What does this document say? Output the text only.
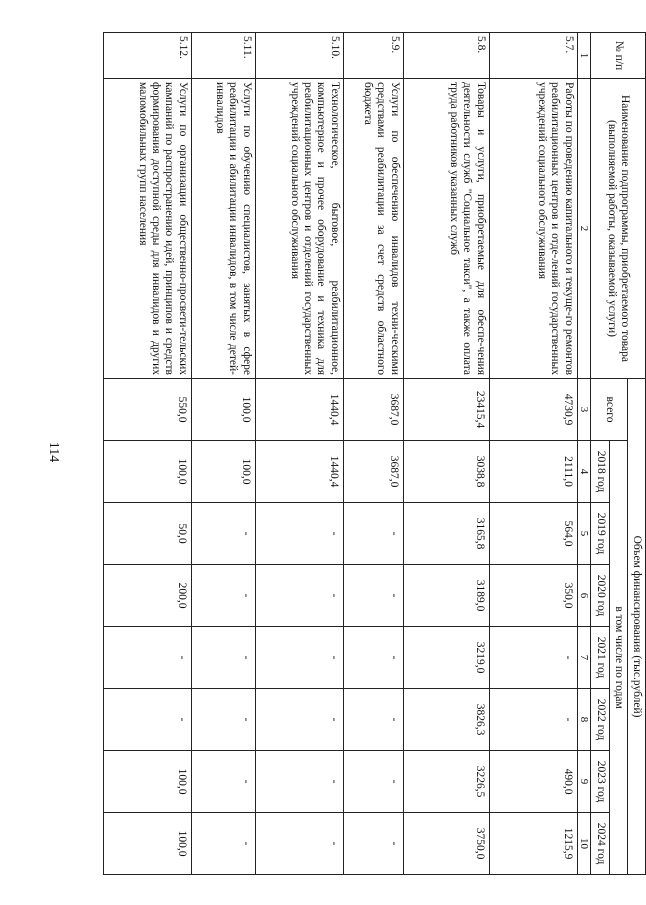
114
№ п/п	Наименование подпрограммы, приобретаемого товара (выполняемой работы, оказываемой услуги)	Объем финансирования (тыс.рублей)							
		всего	в том числе по годам						
			2018 год	2019 год	2020 год	2021 год	2022 год	2023 год	2024 год
1	2	3	4	5	6	7	8	9	10
5.7.	Работы по проведению капитального и текуще-го ремонтов реабилитационных центров и отде-лений государственных учреждений социального обслуживания	4730,9	2111,0	564,0	350,0	-	-	490,0	1215,9
5.8.	Товары и услуги, приобретаемые для обеспе-чения деятельности служб "Социальное такси", а также оплата труда работников указанных служб	23415,4	3038,8	3165,8	3189,0	3219,0	3826,3	3226,5	3750,0
5.9.	Услуги по обеспечению инвалидов техни-ческими средствами реабилитации за счет средств областного бюджета	3687,0	3687,0	-	-	-	-	-	-
5.10.	Технологическое, бытовое, реабилитационное, компьютерное и прочее оборудование и техника для реабилитационных центров и отделений государственных учреждений социального обслуживания	1440,4	1440,4	-	-	-	-	-	-
5.11.	Услуги по обучению специалистов, занятых в сфере реабилитации и абилитации инвалидов, в том числе детей-инвалидов	100,0	100,0	-	-	-	-	-	-
5.12.	Услуги по организации общественно-просвети-тельских кампаний по распространению идей, принципов и средств формирования доступной среды для инвалидов и других маломобильных групп населения	550,0	100,0	50,0	200,0	-	-	100,0	100,0
